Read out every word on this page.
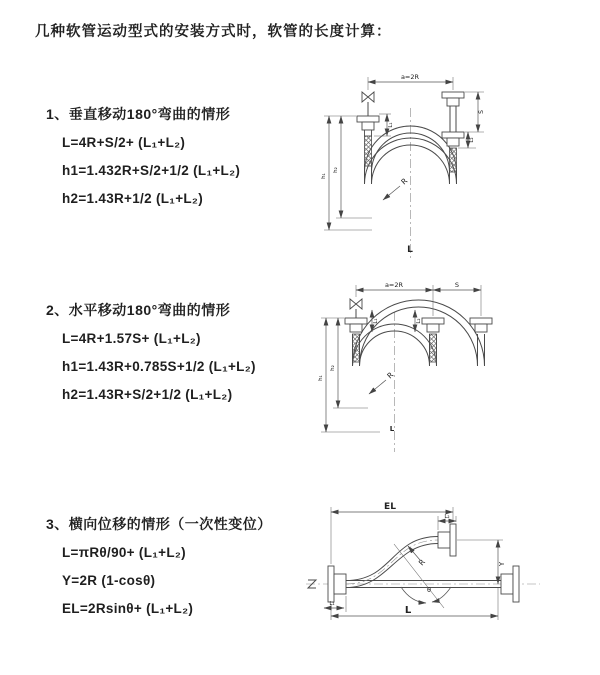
几种软管运动型式的安装方式时，软管的长度计算：
1、垂直移动180°弯曲的情形

L=4R+S/2+ (L₁+L₂)

h1=1.432R+S/2+1/2 (L₁+L₂)

h2=1.43R+1/2 (L₁+L₂)

2、水平移动180°弯曲的情形

L=4R+1.57S+ (L₁+L₂)

h1=1.43R+0.785S+1/2 (L₁+L₂)

h2=1.43R+S/2+1/2 (L₁+L₂)

3、横向位移的情形（一次性变位）

L=πRθ/90+ (L₁+L₂)

Y=2R (1-cosθ)

EL=2Rsinθ+ (L₁+L₂)

a=2R
S
L₂
L₁
h₁
h₂
R
L
a=2R	S
L₁	L₂
h₁
h₂
R
L
θ
R
EL
L₂
Y
L
L₁
